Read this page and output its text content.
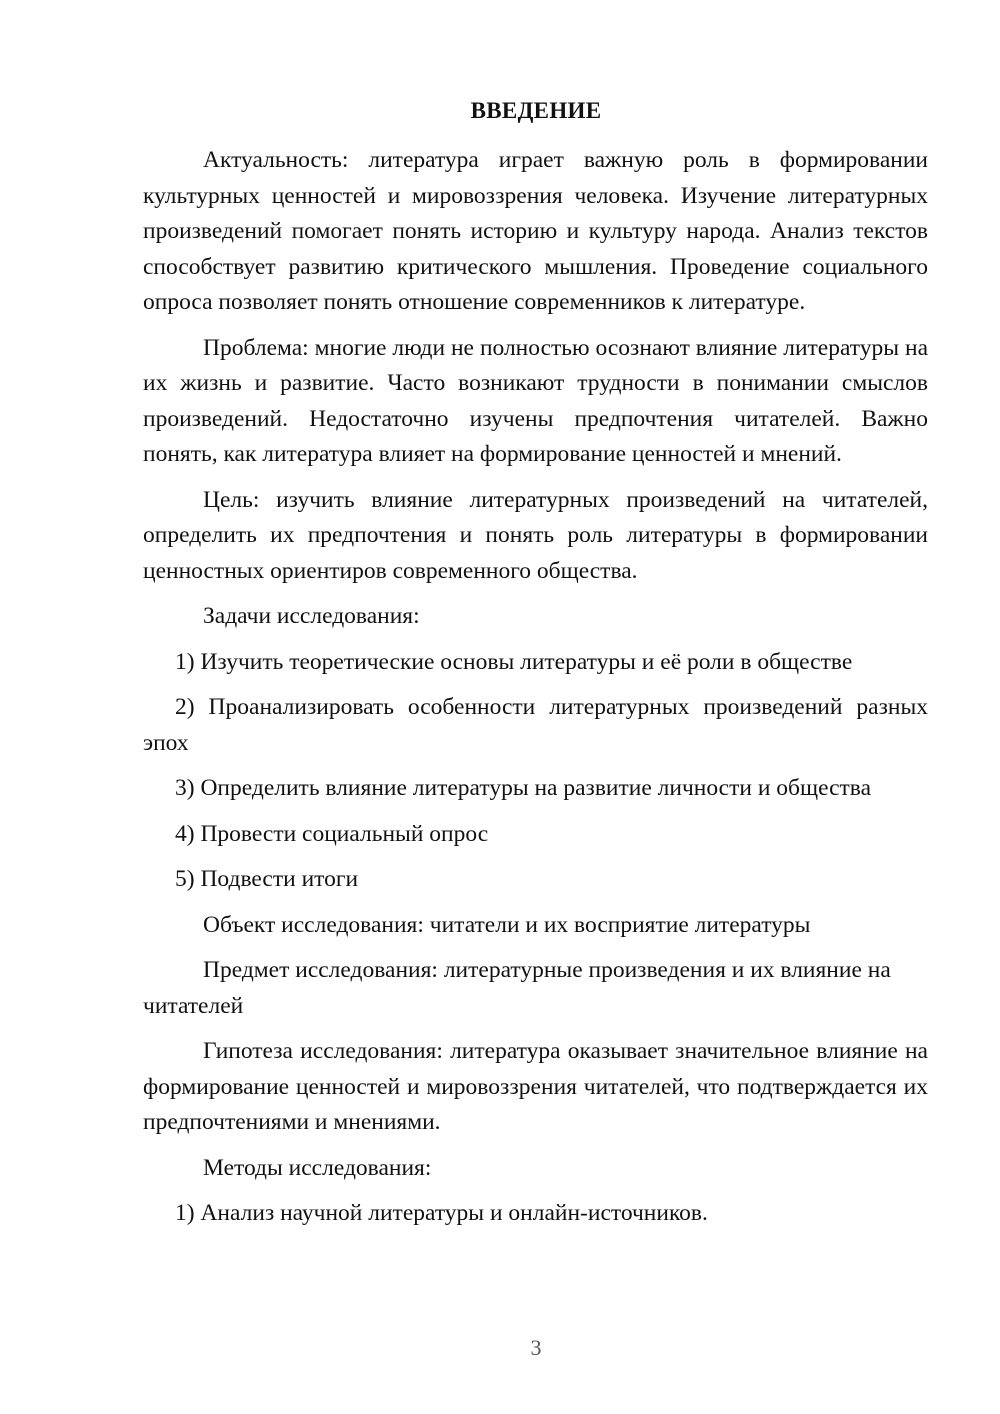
ВВЕДЕНИЕ

Актуальность: литература играет важную роль в формировании культурных ценностей и мировоззрения человека. Изучение литературных произведений помогает понять историю и культуру народа. Анализ текстов способствует развитию критического мышления. Проведение социального опроса позволяет понять отношение современников к литературе.

Проблема: многие люди не полностью осознают влияние литературы на их жизнь и развитие. Часто возникают трудности в понимании смыслов произведений. Недостаточно изучены предпочтения читателей. Важно понять, как литература влияет на формирование ценностей и мнений.

Цель: изучить влияние литературных произведений на читателей, определить их предпочтения и понять роль литературы в формировании ценностных ориентиров современного общества.

Задачи исследования:

1) Изучить теоретические основы литературы и её роли в обществе

2) Проанализировать особенности литературных произведений разных эпох

3) Определить влияние литературы на развитие личности и общества

4) Провести социальный опрос

5) Подвести итоги

Объект исследования: читатели и их восприятие литературы

Предмет исследования: литературные произведения и их влияние на читателей

Гипотеза исследования: литература оказывает значительное влияние на формирование ценностей и мировоззрения читателей, что подтверждается их предпочтениями и мнениями.

Методы исследования:

1) Анализ научной литературы и онлайн-источников.

3
